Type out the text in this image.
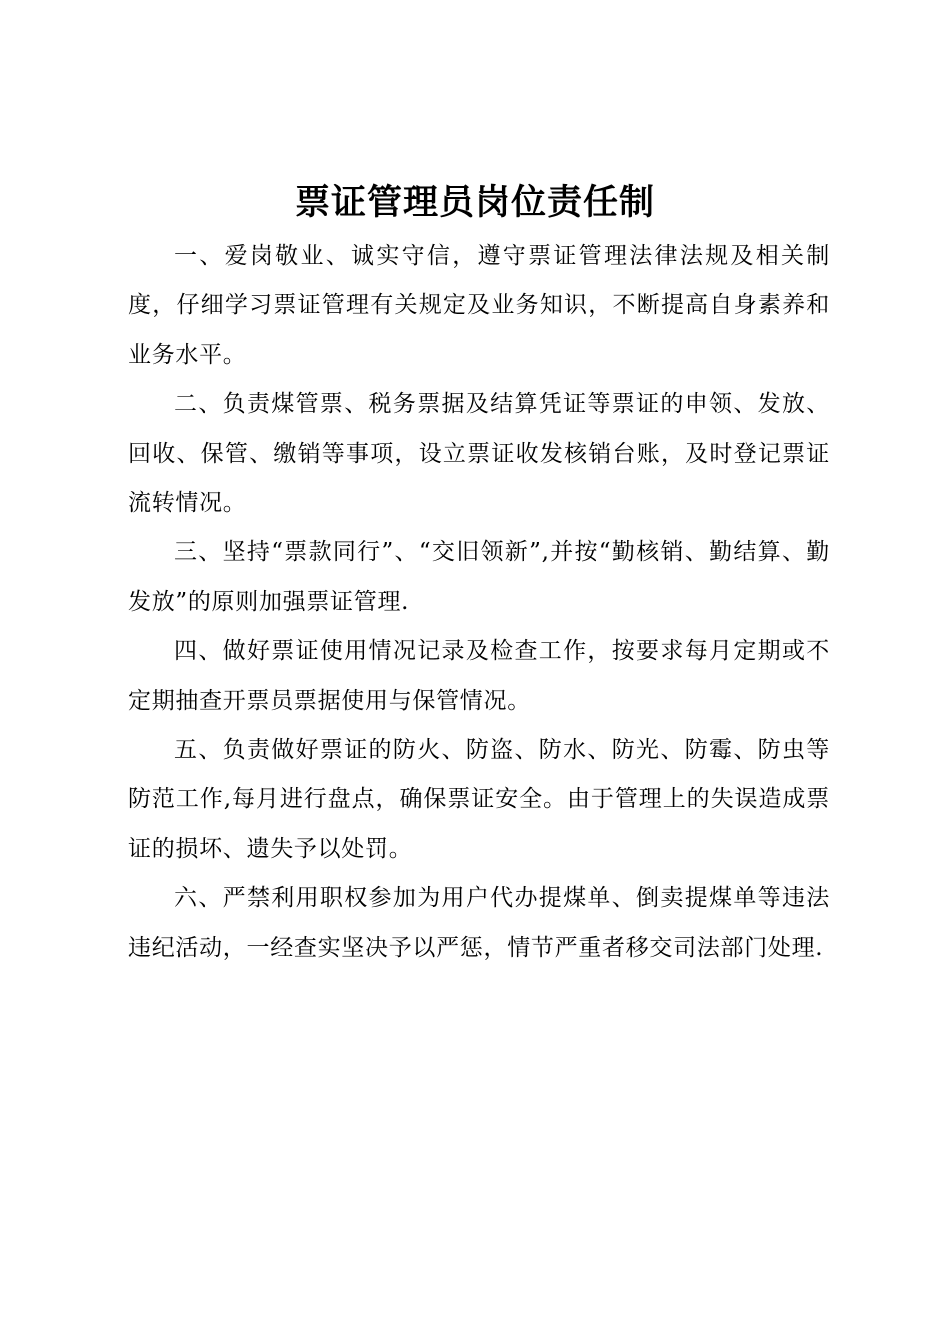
票证管理员岗位责任制

一、爱岗敬业、诚实守信，遵守票证管理法律法规及相关制度，仔细学习票证管理有关规定及业务知识，不断提高自身素养和业务水平。

二、负责煤管票、税务票据及结算凭证等票证的申领、发放、回收、保管、缴销等事项，设立票证收发核销台账，及时登记票证流转情况。

三、坚持“票款同行”、“交旧领新”,并按“勤核销、勤结算、勤发放”的原则加强票证管理.

四、做好票证使用情况记录及检查工作，按要求每月定期或不定期抽查开票员票据使用与保管情况。

五、负责做好票证的防火、防盗、防水、防光、防霉、防虫等防范工作,每月进行盘点，确保票证安全。由于管理上的失误造成票证的损坏、遗失予以处罚。

六、严禁利用职权参加为用户代办提煤单、倒卖提煤单等违法违纪活动，一经查实坚决予以严惩，情节严重者移交司法部门处理.
